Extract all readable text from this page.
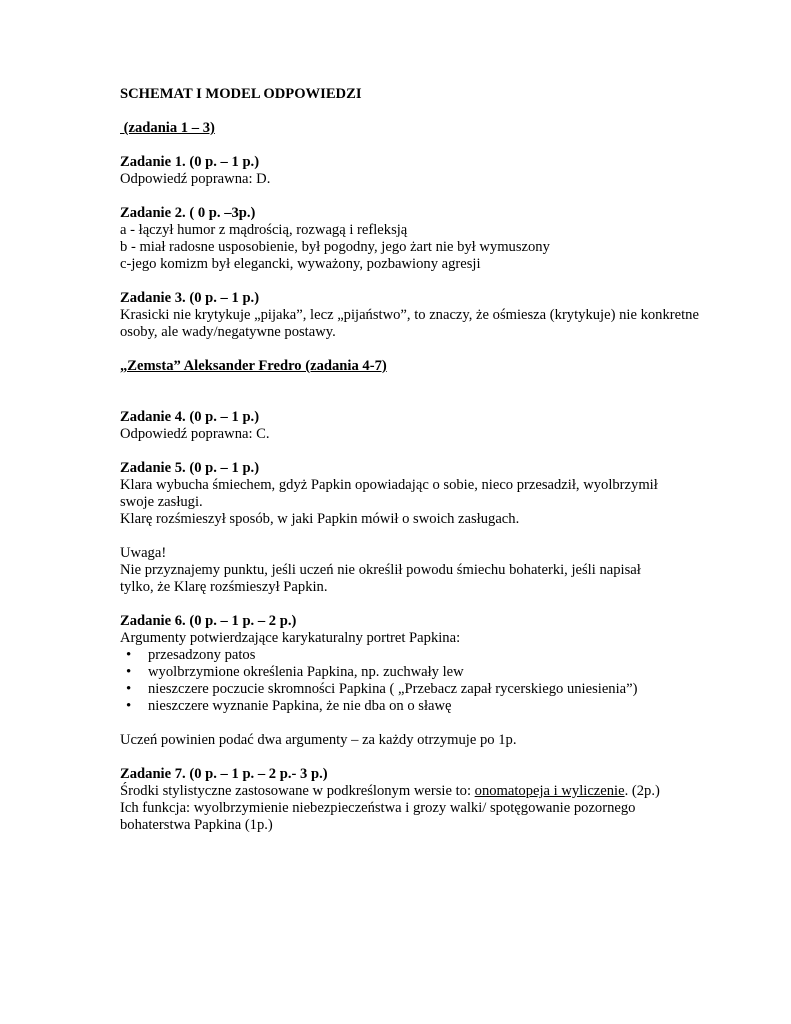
SCHEMAT I MODEL ODPOWIEDZI

(zadania 1 – 3)

Zadanie 1. (0 p. – 1 p.)

Odpowiedź poprawna: D.

Zadanie 2. ( 0 p. –3p.)

a - łączył humor z mądrością, rozwagą i refleksją

b - miał radosne usposobienie, był pogodny, jego żart nie był wymuszony

c-jego komizm był elegancki, wyważony, pozbawiony agresji

Zadanie 3. (0 p. – 1 p.)

Krasicki nie krytykuje „pijaka”, lecz „pijaństwo”, to znaczy, że ośmiesza (krytykuje) nie konkretne

osoby, ale wady/negatywne postawy.

„Zemsta” Aleksander Fredro (zadania 4-7)

Zadanie 4. (0 p. – 1 p.)

Odpowiedź poprawna: C.

Zadanie 5. (0 p. – 1 p.)

Klara wybucha śmiechem, gdyż Papkin opowiadając o sobie, nieco przesadził, wyolbrzymił

swoje zasługi.

Klarę rozśmieszył sposób, w jaki Papkin mówił o swoich zasługach.

Uwaga!

Nie przyznajemy punktu, jeśli uczeń nie określił powodu śmiechu bohaterki, jeśli napisał

tylko, że Klarę rozśmieszył Papkin.

Zadanie 6. (0 p. – 1 p. – 2 p.)

Argumenty potwierdzające karykaturalny portret Papkina:

• przesadzony patos
• wyolbrzymione określenia Papkina, np. zuchwały lew
• nieszczere poczucie skromności Papkina ( „Przebacz zapał rycerskiego uniesienia”)
• nieszczere wyznanie Papkina, że nie dba on o sławę

Uczeń powinien podać dwa argumenty – za każdy otrzymuje po 1p.

Zadanie 7. (0 p. – 1 p. – 2 p.- 3 p.)

Środki stylistyczne zastosowane w podkreślonym wersie to: onomatopeja i wyliczenie. (2p.)

Ich funkcja: wyolbrzymienie niebezpieczeństwa i grozy walki/ spotęgowanie pozornego

bohaterstwa Papkina (1p.)
